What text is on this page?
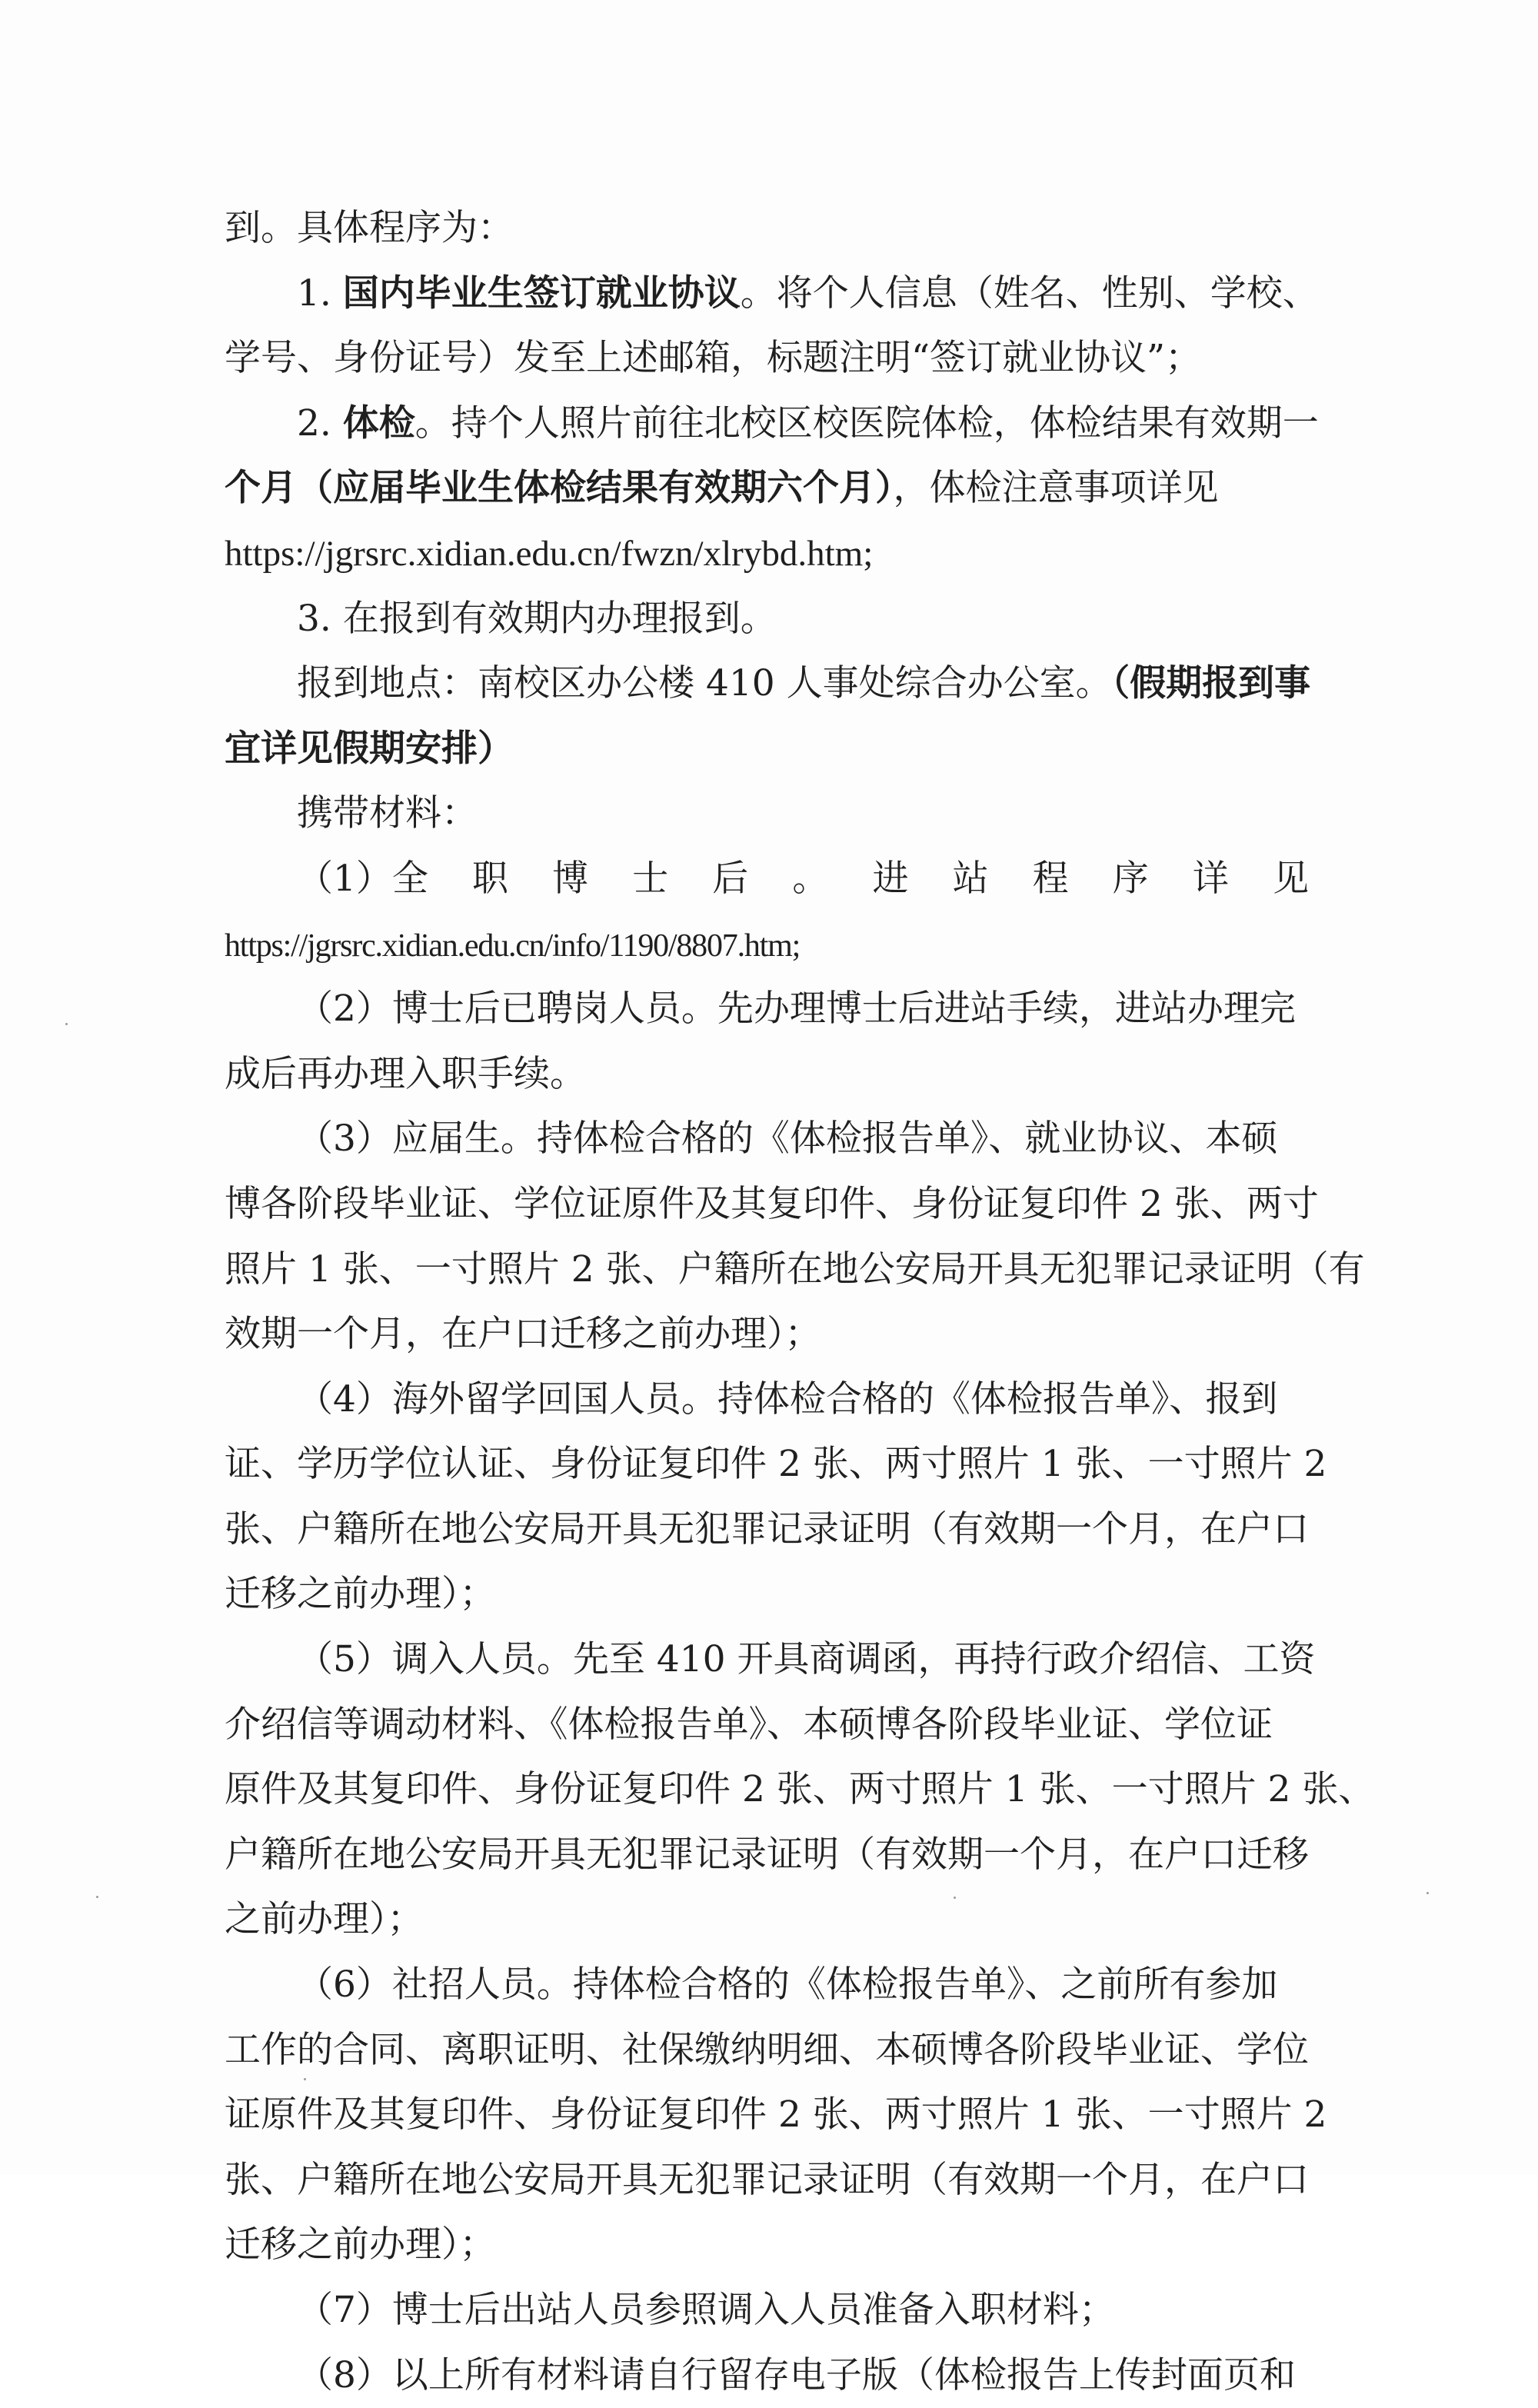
到。具体程序为：
1. 国内毕业生签订就业协议。将个人信息（姓名、性别、学校、
学号、身份证号）发至上述邮箱，标题注明“签订就业协议”；
2. 体检。持个人照片前往北校区校医院体检，体检结果有效期一
个月（应届毕业生体检结果有效期六个月），体检注意事项详见
https://jgrsrc.xidian.edu.cn/fwzn/xlrybd.htm;
3. 在报到有效期内办理报到。
报到地点：南校区办公楼 410 人事处综合办公室。（假期报到事
宜详见假期安排）
携带材料：
（1）全 职 博 士 后 。 进 站 程 序 详 见
https://jgrsrc.xidian.edu.cn/info/1190/8807.htm;
（2）博士后已聘岗人员。先办理博士后进站手续，进站办理完
成后再办理入职手续。
（3）应届生。持体检合格的《体检报告单》、就业协议、本硕
博各阶段毕业证、学位证原件及其复印件、身份证复印件 2 张、两寸
照片 1 张、一寸照片 2 张、户籍所在地公安局开具无犯罪记录证明（有
效期一个月，在户口迁移之前办理）；
（4）海外留学回国人员。持体检合格的《体检报告单》、报到
证、学历学位认证、身份证复印件 2 张、两寸照片 1 张、一寸照片 2
张、户籍所在地公安局开具无犯罪记录证明（有效期一个月，在户口
迁移之前办理）；
（5）调入人员。先至 410 开具商调函，再持行政介绍信、工资
介绍信等调动材料、《体检报告单》、本硕博各阶段毕业证、学位证
原件及其复印件、身份证复印件 2 张、两寸照片 1 张、一寸照片 2 张、
户籍所在地公安局开具无犯罪记录证明（有效期一个月，在户口迁移
之前办理）；
（6）社招人员。持体检合格的《体检报告单》、之前所有参加
工作的合同、离职证明、社保缴纳明细、本硕博各阶段毕业证、学位
证原件及其复印件、身份证复印件 2 张、两寸照片 1 张、一寸照片 2
张、户籍所在地公安局开具无犯罪记录证明（有效期一个月，在户口
迁移之前办理）；
（7）博士后出站人员参照调入人员准备入职材料；
（8）以上所有材料请自行留存电子版（体检报告上传封面页和
